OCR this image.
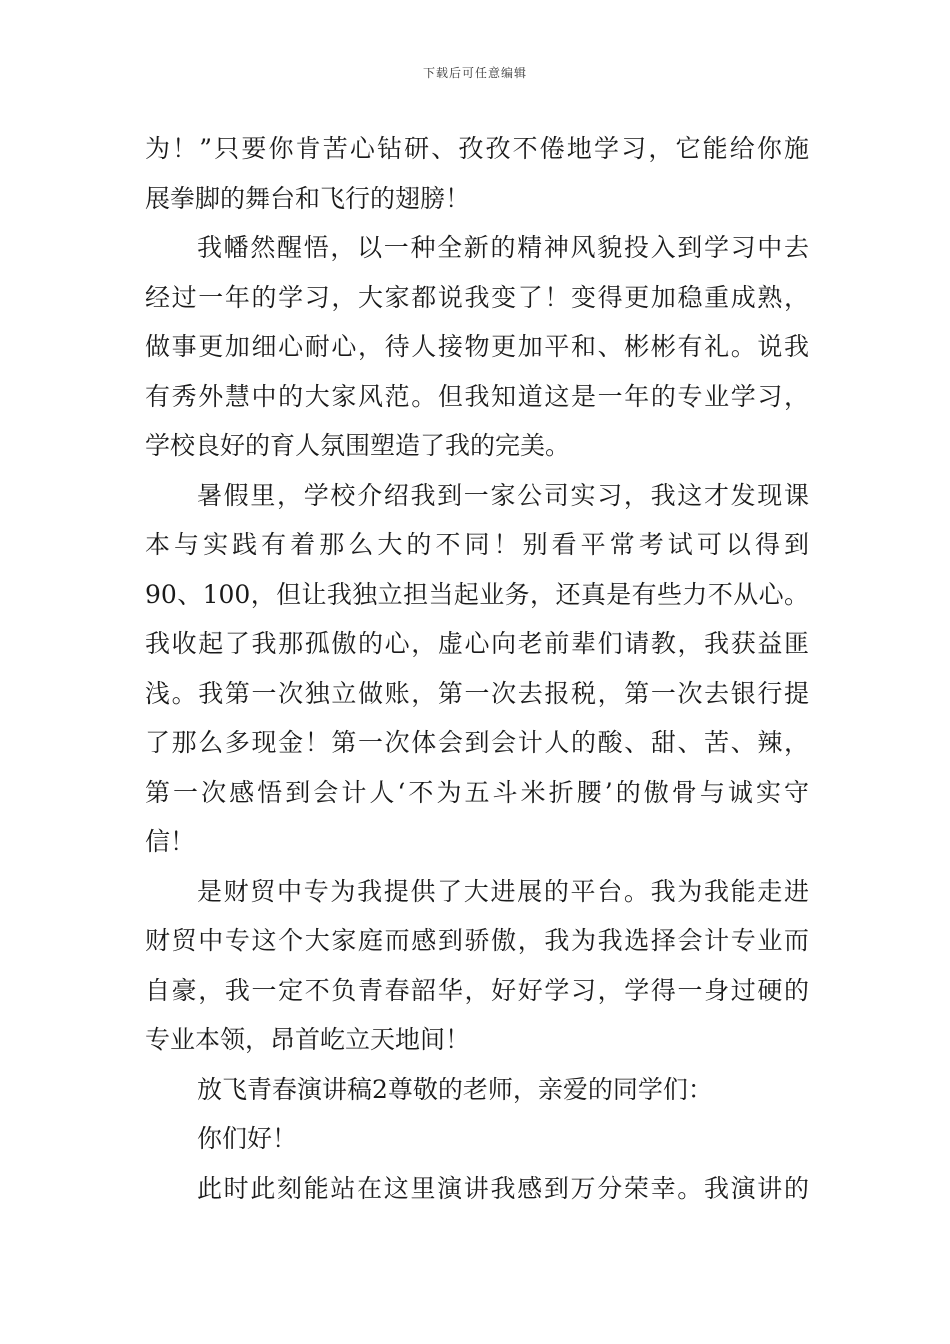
下载后可任意编辑
为！”只要你肯苦心钻研、孜孜不倦地学习，它能给你施
展拳脚的舞台和飞行的翅膀！
我幡然醒悟，以一种全新的精神风貌投入到学习中去
经过一年的学习，大家都说我变了！变得更加稳重成熟，
做事更加细心耐心，待人接物更加平和、彬彬有礼。说我
有秀外慧中的大家风范。但我知道这是一年的专业学习，
学校良好的育人氛围塑造了我的完美。
暑假里，学校介绍我到一家公司实习，我这才发现课
本与实践有着那么大的不同！别看平常考试可以得到
90、100，但让我独立担当起业务，还真是有些力不从心。
我收起了我那孤傲的心，虚心向老前辈们请教，我获益匪
浅。我第一次独立做账，第一次去报税，第一次去银行提
了那么多现金！第一次体会到会计人的酸、甜、苦、辣，
第一次感悟到会计人‘不为五斗米折腰’的傲骨与诚实守
信！
是财贸中专为我提供了大进展的平台。我为我能走进
财贸中专这个大家庭而感到骄傲，我为我选择会计专业而
自豪，我一定不负青春韶华，好好学习，学得一身过硬的
专业本领，昂首屹立天地间！
放飞青春演讲稿2尊敬的老师，亲爱的同学们：
你们好！
此时此刻能站在这里演讲我感到万分荣幸。我演讲的
